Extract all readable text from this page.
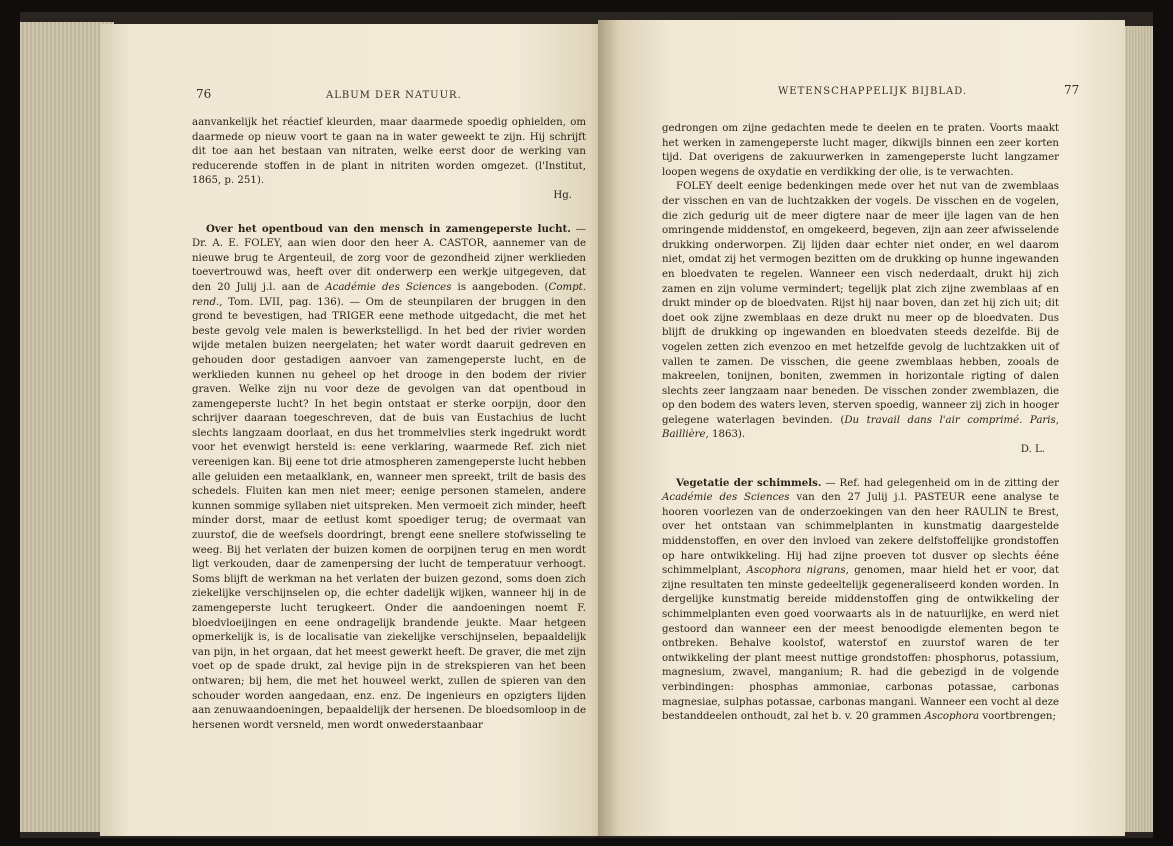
76	ALBUM DER NATUUR.

aanvankelijk het réactief kleurden, maar daarmede spoedig ophielden, om daarmede op nieuw voort te gaan na in water geweekt te zijn. Hij schrijft dit toe aan het bestaan van nitraten, welke eerst door de werking van reducerende stoffen in de plant in nitriten worden omgezet. (l'Institut, 1865, p. 251).

Hg.

Over het opentboud van den mensch in zamengeperste lucht. — Dr. A. E. FOLEY, aan wien door den heer A. CASTOR, aannemer van de nieuwe brug te Argenteuil, de zorg voor de gezondheid zijner werklieden toevertrouwd was, heeft over dit onderwerp een werkje uitgegeven, dat den 20 Julij j.l. aan de Académie des Sciences is aangeboden. (Compt. rend., Tom. LVII, pag. 136). — Om de steunpilaren der bruggen in den grond te bevestigen, had TRIGER eene methode uitgedacht, die met het beste gevolg vele malen is bewerkstelligd. In het bed der rivier worden wijde metalen buizen neergelaten; het water wordt daaruit gedreven en gehouden door gestadigen aanvoer van zamengeperste lucht, en de werklieden kunnen nu geheel op het drooge in den bodem der rivier graven. Welke zijn nu voor deze de gevolgen van dat opentboud in zamengeperste lucht? In het begin ontstaat er sterke oorpijn, door den schrijver daaraan toegeschreven, dat de buis van Eustachius de lucht slechts langzaam doorlaat, en dus het trommelvlies sterk ingedrukt wordt voor het evenwigt hersteld is: eene verklaring, waarmede Ref. zich niet vereenigen kan. Bij eene tot drie atmospheren zamengeperste lucht hebben alle geluiden een metaalklank, en, wanneer men spreekt, trilt de basis des schedels. Fluiten kan men niet meer; eenige personen stamelen, andere kunnen sommige syllaben niet uitspreken. Men vermoeit zich minder, heeft minder dorst, maar de eetlust komt spoediger terug; de overmaat van zuurstof, die de weefsels doordringt, brengt eene snellere stofwisseling te weeg. Bij het verlaten der buizen komen de oorpijnen terug en men wordt ligt verkouden, daar de zamenpersing der lucht de temperatuur verhoogt. Soms blijft de werkman na het verlaten der buizen gezond, soms doen zich ziekelijke verschijnselen op, die echter dadelijk wijken, wanneer hij in de zamengeperste lucht terugkeert. Onder die aandoeningen noemt F. bloedvloeijingen en eene ondragelijk brandende jeukte. Maar hetgeen opmerkelijk is, is de localisatie van ziekelijke verschijnselen, bepaaldelijk van pijn, in het orgaan, dat het meest gewerkt heeft. De graver, die met zijn voet op de spade drukt, zal hevige pijn in de strekspieren van het been ontwaren; bij hem, die met het houweel werkt, zullen de spieren van den schouder worden aangedaan, enz. enz. De ingenieurs en opzigters lijden aan zenuwaandoeningen, bepaaldelijk der hersenen. De bloedsomloop in de hersenen wordt versneld, men wordt onwederstaanbaar

WETENSCHAPPELIJK BIJBLAD.	77

gedrongen om zijne gedachten mede te deelen en te praten. Voorts maakt het werken in zamengeperste lucht mager, dikwijls binnen een zeer korten tijd. Dat overigens de zakuurwerken in zamengeperste lucht langzamer loopen wegens de oxydatie en verdikking der olie, is te verwachten.

FOLEY deelt eenige bedenkingen mede over het nut van de zwemblaas der visschen en van de luchtzakken der vogels. De visschen en de vogelen, die zich gedurig uit de meer digtere naar de meer ijle lagen van de hen omringende middenstof, en omgekeerd, begeven, zijn aan zeer afwisselende drukking onderworpen. Zij lijden daar echter niet onder, en wel daarom niet, omdat zij het vermogen bezitten om de drukking op hunne ingewanden en bloedvaten te regelen. Wanneer een visch nederdaalt, drukt hij zich zamen en zijn volume vermindert; tegelijk plat zich zijne zwemblaas af en drukt minder op de bloedvaten. Rijst hij naar boven, dan zet hij zich uit; dit doet ook zijne zwemblaas en deze drukt nu meer op de bloedvaten. Dus blijft de drukking op ingewanden en bloedvaten steeds dezelfde. Bij de vogelen zetten zich evenzoo en met hetzelfde gevolg de luchtzakken uit of vallen te zamen. De visschen, die geene zwemblaas hebben, zooals de makreelen, tonijnen, boniten, zwemmen in horizontale rigting of dalen slechts zeer langzaam naar beneden. De visschen zonder zwemblazen, die op den bodem des waters leven, sterven spoedig, wanneer zij zich in hooger gelegene waterlagen bevinden. (Du travail dans l'air comprimé. Paris, Baillière, 1863).

D. L.

Vegetatie der schimmels. — Ref. had gelegenheid om in de zitting der Académie des Sciences van den 27 Julij j.l. PASTEUR eene analyse te hooren voorlezen van de onderzoekingen van den heer RAULIN te Brest, over het ontstaan van schimmelplanten in kunstmatig daargestelde middenstoffen, en over den invloed van zekere delfstoffelijke grondstoffen op hare ontwikkeling. Hij had zijne proeven tot dusver op slechts ééne schimmelplant, Ascophora nigrans, genomen, maar hield het er voor, dat zijne resultaten ten minste gedeeltelijk gegeneraliseerd konden worden. In dergelijke kunstmatig bereide middenstoffen ging de ontwikkeling der schimmelplanten even goed voorwaarts als in de natuurlijke, en werd niet gestoord dan wanneer een der meest benoodigde elementen begon te ontbreken. Behalve koolstof, waterstof en zuurstof waren de ter ontwikkeling der plant meest nuttige grondstoffen: phosphorus, potassium, magnesium, zwavel, manganium; R. had die gebezigd in de volgende verbindingen: phosphas ammoniae, carbonas potassae, carbonas magnesiae, sulphas potassae, carbonas mangani. Wanneer een vocht al deze bestanddeelen onthoudt, zal het b. v. 20 grammen Ascophora voortbrengen;
